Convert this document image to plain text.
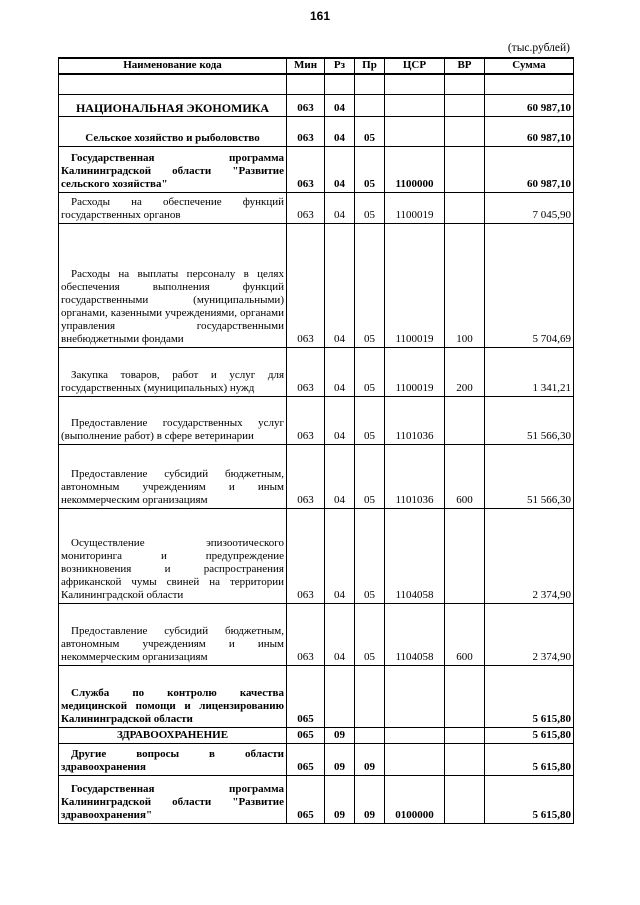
161
(тыс.рублей)
Наименование кода	Мин	Рз	Пр	ЦСР	ВР	Сумма

НАЦИОНАЛЬНАЯ ЭКОНОМИКА	063	04				60 987,10
Сельское хозяйство и рыболовство	063	04	05			60 987,10
Государственная программа Калининградской области "Развитие сельского хозяйства"	063	04	05	1100000		60 987,10
Расходы на обеспечение функций государственных органов	063	04	05	1100019		7 045,90
Расходы на выплаты персоналу в целях обеспечения выполнения функций государственными (муниципальными) органами, казенными учреждениями, органами управления государственными внебюджетными фондами	063	04	05	1100019	100	5 704,69
Закупка товаров, работ и услуг для государственных (муниципальных) нужд	063	04	05	1100019	200	1 341,21
Предоставление государственных услуг (выполнение работ) в сфере ветеринарии	063	04	05	1101036		51 566,30
Предоставление субсидий бюджетным, автономным учреждениям и иным некоммерческим организациям	063	04	05	1101036	600	51 566,30
Осуществление эпизоотического мониторинга и предупреждение возникновения и распространения африканской чумы свиней на территории Калининградской области	063	04	05	1104058		2 374,90
Предоставление субсидий бюджетным, автономным учреждениям и иным некоммерческим организациям	063	04	05	1104058	600	2 374,90
Служба по контролю качества медицинской помощи и лицензированию Калининградской области	065					5 615,80
ЗДРАВООХРАНЕНИЕ	065	09				5 615,80
Другие вопросы в области здравоохранения	065	09	09			5 615,80
Государственная программа Калининградской области "Развитие здравоохранения"	065	09	09	0100000		5 615,80
